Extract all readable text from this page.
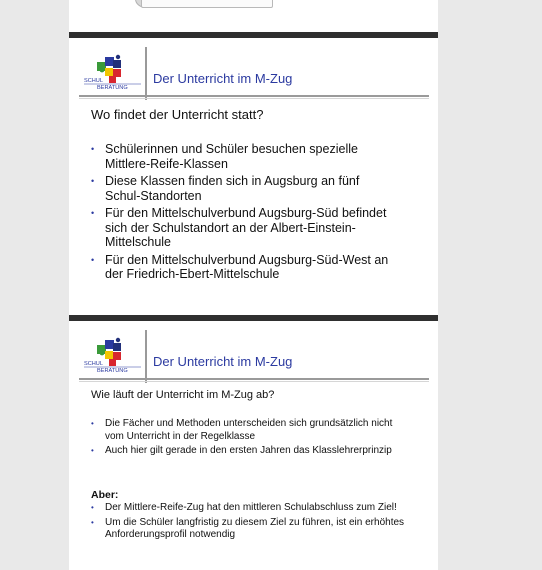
SCHUL
BERATUNG
Der Unterricht im M-Zug
Wo findet der Unterricht statt?
• Schülerinnen und Schüler besuchen spezielle Mittlere-Reife-Klassen
• Diese Klassen finden sich in Augsburg an fünf Schul-Standorten
• Für den Mittelschulverbund Augsburg-Süd befindet sich der Schulstandort an der Albert-Einstein-Mittelschule
• Für den Mittelschulverbund Augsburg-Süd-West an der Friedrich-Ebert-Mittelschule
SCHUL
BERATUNG
Der Unterricht im M-Zug
Wie läuft der Unterricht im M-Zug ab?
• Die Fächer und Methoden unterscheiden sich grundsätzlich nicht vom Unterricht in der Regelklasse
• Auch hier gilt gerade in den ersten Jahren das Klasslehrerprinzip
Aber:
• Der Mittlere-Reife-Zug hat den mittleren Schulabschluss zum Ziel!
• Um die Schüler langfristig zu diesem Ziel zu führen, ist ein erhöhtes Anforderungsprofil notwendig
